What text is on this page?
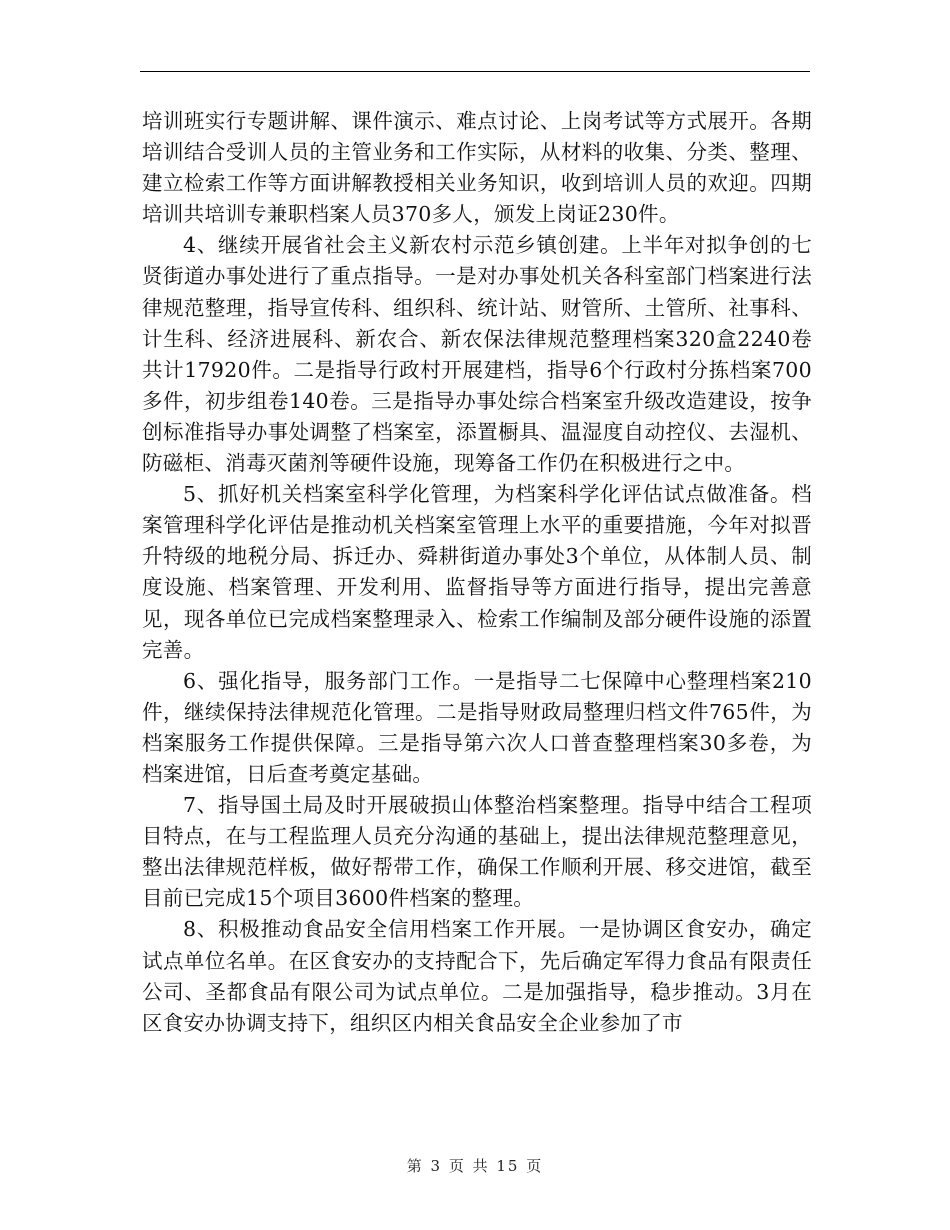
培训班实行专题讲解、课件演示、难点讨论、上岗考试等方式展开。各期培训结合受训人员的主管业务和工作实际，从材料的收集、分类、整理、建立检索工作等方面讲解教授相关业务知识，收到培训人员的欢迎。四期培训共培训专兼职档案人员370多人，颁发上岗证230件。

4、继续开展省社会主义新农村示范乡镇创建。上半年对拟争创的七贤街道办事处进行了重点指导。一是对办事处机关各科室部门档案进行法律规范整理，指导宣传科、组织科、统计站、财管所、土管所、社事科、计生科、经济进展科、新农合、新农保法律规范整理档案320盒2240卷共计17920件。二是指导行政村开展建档，指导6个行政村分拣档案700多件，初步组卷140卷。三是指导办事处综合档案室升级改造建设，按争创标准指导办事处调整了档案室，添置橱具、温湿度自动控仪、去湿机、防磁柜、消毒灭菌剂等硬件设施，现筹备工作仍在积极进行之中。

5、抓好机关档案室科学化管理，为档案科学化评估试点做准备。档案管理科学化评估是推动机关档案室管理上水平的重要措施，今年对拟晋升特级的地税分局、拆迁办、舜耕街道办事处3个单位，从体制人员、制度设施、档案管理、开发利用、监督指导等方面进行指导，提出完善意见，现各单位已完成档案整理录入、检索工作编制及部分硬件设施的添置完善。

6、强化指导，服务部门工作。一是指导二七保障中心整理档案210件，继续保持法律规范化管理。二是指导财政局整理归档文件765件，为档案服务工作提供保障。三是指导第六次人口普查整理档案30多卷，为档案进馆，日后查考奠定基础。

7、指导国土局及时开展破损山体整治档案整理。指导中结合工程项目特点，在与工程监理人员充分沟通的基础上，提出法律规范整理意见，整出法律规范样板，做好帮带工作，确保工作顺利开展、移交进馆，截至目前已完成15个项目3600件档案的整理。

8、积极推动食品安全信用档案工作开展。一是协调区食安办，确定试点单位名单。在区食安办的支持配合下，先后确定军得力食品有限责任公司、圣都食品有限公司为试点单位。二是加强指导，稳步推动。3月在区食安办协调支持下，组织区内相关食品安全企业参加了市

第 3 页 共 15 页
